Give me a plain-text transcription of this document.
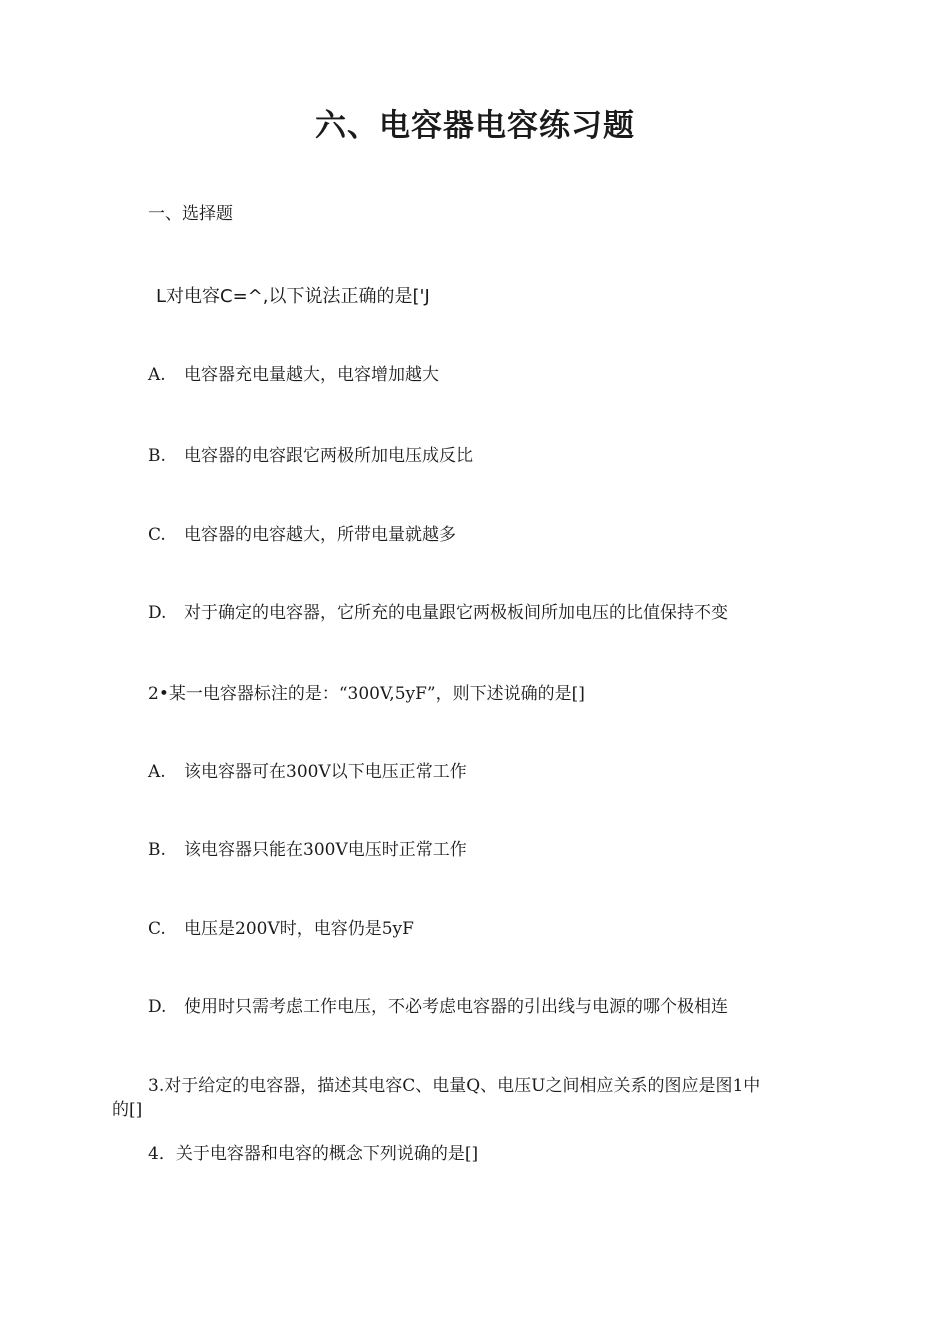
六、电容器电容练习题
一、选择题
L对电容C=^,以下说法正确的是['J
A. 电容器充电量越大，电容增加越大
B. 电容器的电容跟它两极所加电压成反比
C. 电容器的电容越大，所带电量就越多
D. 对于确定的电容器，它所充的电量跟它两极板间所加电压的比值保持不变
2•某一电容器标注的是：“300V,5yF”，则下述说确的是[]
A. 该电容器可在300V以下电压正常工作
B. 该电容器只能在300V电压时正常工作
C. 电压是200V时，电容仍是5yF
D. 使用时只需考虑工作电压，不必考虑电容器的引出线与电源的哪个极相连
3.对于给定的电容器，描述其电容C、电量Q、电压U之间相应关系的图应是图1中
的[]
4．关于电容器和电容的概念下列说确的是[]
